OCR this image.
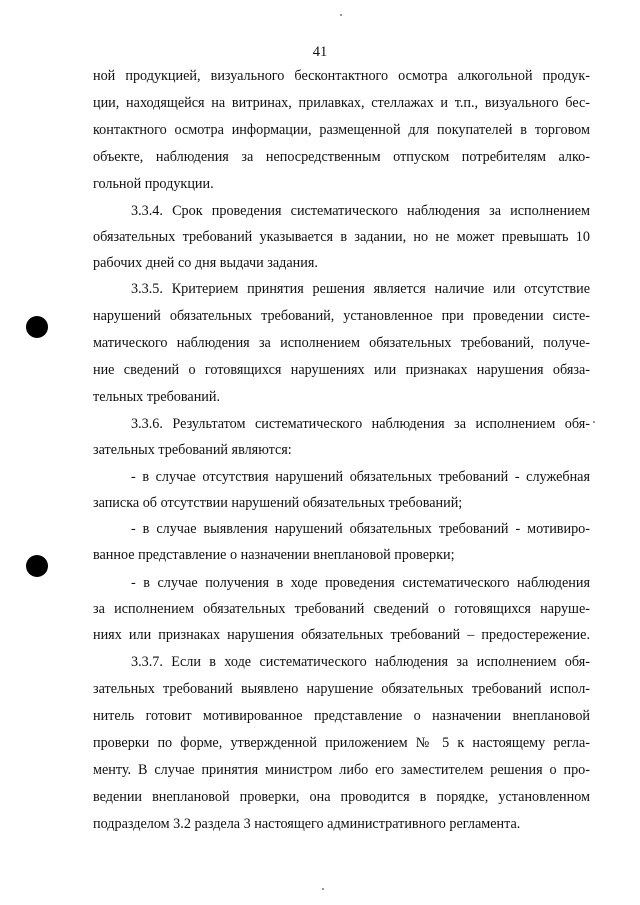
41
ной продукцией, визуального бесконтактного осмотра алкогольной продук-
ции, находящейся на витринах, прилавках, стеллажах и т.п., визуального бес-
контактного осмотра информации, размещенной для покупателей в торговом
объекте, наблюдения за непосредственным отпуском потребителям алко-
гольной продукции.
3.3.4. Срок проведения систематического наблюдения за исполнением
обязательных требований указывается в задании, но не может превышать 10
рабочих дней со дня выдачи задания.
3.3.5. Критерием принятия решения является наличие или отсутствие
нарушений обязательных требований, установленное при проведении систе-
матического наблюдения за исполнением обязательных требований, получе-
ние сведений о готовящихся нарушениях или признаках нарушения обяза-
тельных требований.
3.3.6. Результатом систематического наблюдения за исполнением обя-
зательных требований являются:
- в случае отсутствия нарушений обязательных требований - служебная
записка об отсутствии нарушений обязательных требований;
- в случае выявления нарушений обязательных требований - мотивиро-
ванное представление о назначении внеплановой проверки;
- в случае получения в ходе проведения систематического наблюдения
за исполнением обязательных требований сведений о готовящихся наруше-
ниях или признаках нарушения обязательных требований – предостережение.
3.3.7. Если в ходе систематического наблюдения за исполнением обя-
зательных требований выявлено нарушение обязательных требований испол-
нитель готовит мотивированное представление о назначении внеплановой
проверки по форме, утвержденной приложением № 5 к настоящему регла-
менту. В случае принятия министром либо его заместителем решения о про-
ведении внеплановой проверки, она проводится в порядке, установленном
подразделом 3.2 раздела 3 настоящего административного регламента.
